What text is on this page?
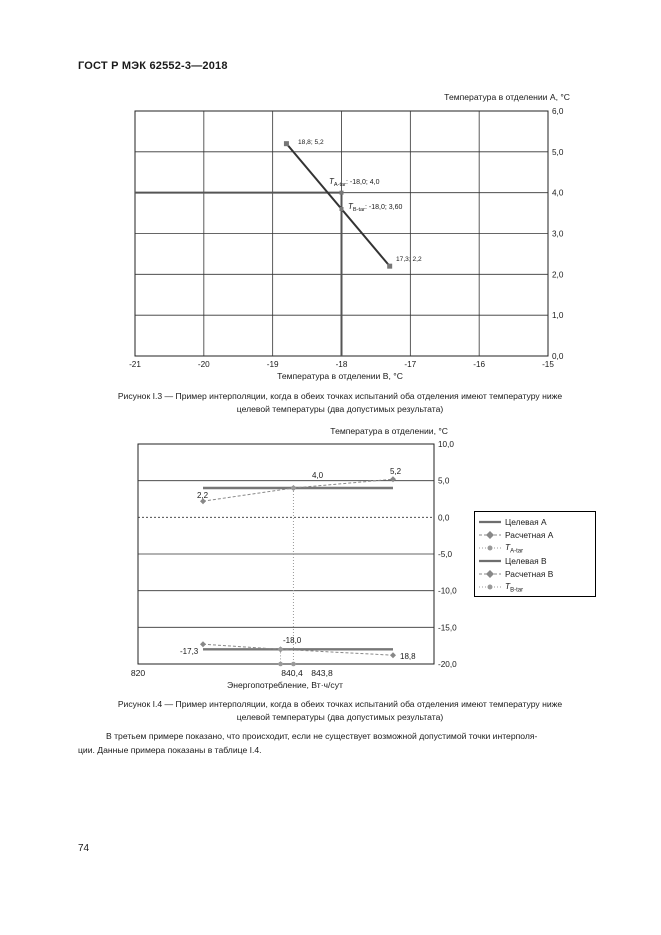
ГОСТ Р МЭК 62552-3—2018
-21	-20	-19	-18	-17	-16	-15
0,0
1,0
2,0
3,0
4,0
5,0
6,0
Температура в отделении A, °C
Температура в отделении B, °C
18,8; 5,2
17,3; 2,2
$T_{A-tar}$: -18,0; 4,0
$T_{B-tar}$: -18,0; 3,60
Рисунок I.3 — Пример интерполяции, когда в обеих точках испытаний оба отделения имеют температуру ниже
целевой температуры (два допустимых результата)
10,0
5,0
0,0
-5,0
-10,0
-15,0
-20,0
Температура в отделении, °C
Энергопотребление, Вт·ч/сут
820	840,4 843,8
2,2
4,0	5,2
-17,3
-18,0
18,8
Целевая A
Расчетная A
$T_{A-tar}$
Целевая B
Расчетная B
$T_{B-tar}$
Рисунок I.4 — Пример интерполяции, когда в обеих точках испытаний оба отделения имеют температуру ниже
целевой температуры (два допустимых результата)
В третьем примере показано, что происходит, если не существует возможной допустимой точки интерполя-
ции. Данные примера показаны в таблице I.4.
74
